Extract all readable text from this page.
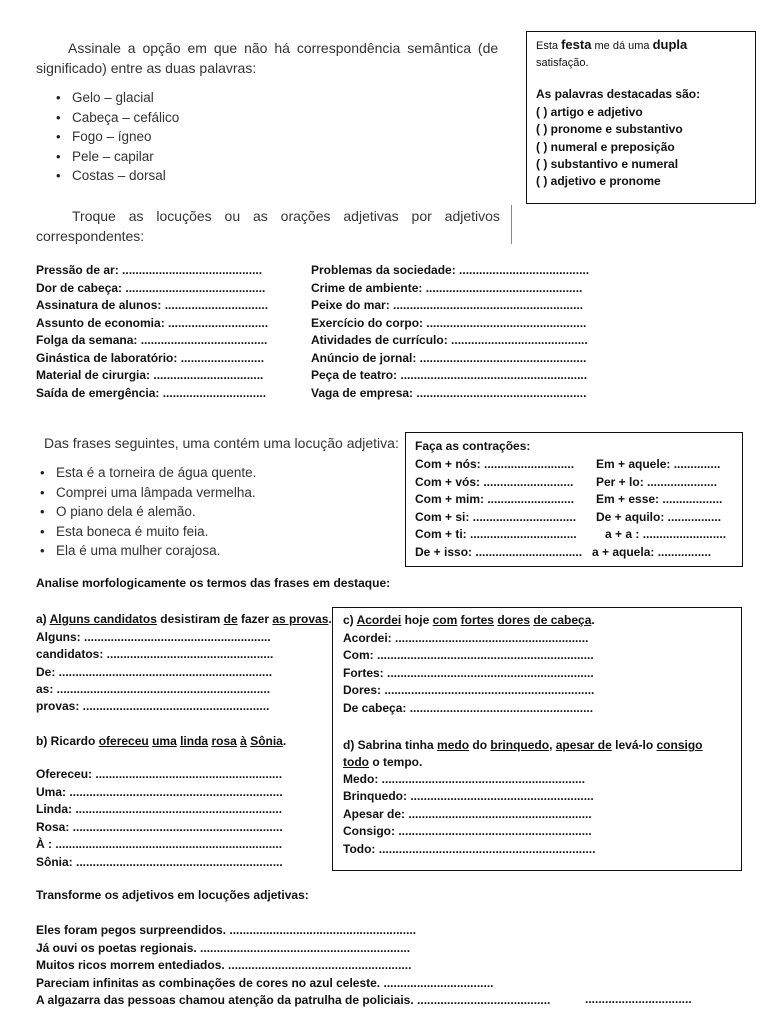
Assinale a opção em que não há correspondência semântica (de
significado) entre as duas palavras:
• Gelo – glacial
• Cabeça – cefálico
• Fogo – ígneo
• Pele – capilar
• Costas – dorsal
Esta festa me dá uma dupla
satisfação.
As palavras destacadas são:
( ) artigo e adjetivo
( ) pronome e substantivo
( ) numeral e preposição
( ) substantivo e numeral
( ) adjetivo e pronome
Troque as locuções ou as orações adjetivas por adjetivos
correspondentes:
Pressão de ar: ..........................................
Dor de cabeça: ..........................................
Assinatura de alunos: ...............................
Assunto de economia: ..............................
Folga da semana: ......................................
Ginástica de laboratório: .........................
Material de cirurgia: .................................
Saída de emergência: ...............................
Problemas da sociedade: .......................................
Crime de ambiente: ...............................................
Peixe do mar: .........................................................
Exercício do corpo: ................................................
Atividades de currículo: .........................................
Anúncio de jornal: ..................................................
Peça de teatro: ........................................................
Vaga de empresa: ...................................................
Das frases seguintes, uma contém uma locução adjetiva:
• Esta é a torneira de água quente.
• Comprei uma lâmpada vermelha.
• O piano dela é alemão.
• Esta boneca é muito feia.
• Ela é uma mulher corajosa.
Faça as contrações:
Com + nós: ...........................
Com + vós: ...........................
Com + mim: ..........................
Com + si: ...............................
Com + ti: ................................
De + isso: ................................
Em + aquele: ..............
Per + lo: .....................
Em + esse: ..................
De + aquilo: ................
a + a : .........................
a + aquela: ................
Analise morfologicamente os termos das frases em destaque:
a) Alguns candidatos desistiram de fazer as provas.
Alguns: ........................................................
candidatos: ..................................................
De: ................................................................
as: ................................................................
provas: ........................................................
b) Ricardo ofereceu uma linda rosa à Sônia.
Ofereceu: ........................................................
Uma: ................................................................
Linda: ..............................................................
Rosa: ...............................................................
À : ....................................................................
Sônia: ..............................................................
c) Acordei hoje com fortes dores de cabeça.
Acordei: ..........................................................
Com: .................................................................
Fortes: ..............................................................
Dores: ...............................................................
De cabeça: .......................................................
d) Sabrina tinha medo do brinquedo, apesar de levá-lo consigo
todo o tempo.
Medo: .............................................................
Brinquedo: .......................................................
Apesar de: .......................................................
Consigo: ..........................................................
Todo: .................................................................
Transforme os adjetivos em locuções adjetivas:
Eles foram pegos surpreendidos. ........................................................
Já ouvi os poetas regionais. ...............................................................
Muitos ricos morrem entediados. .......................................................
Pareciam infinitas as combinações de cores no azul celeste. .................................
A algazarra das pessoas chamou atenção da patrulha de policiais. ........................................	................................
